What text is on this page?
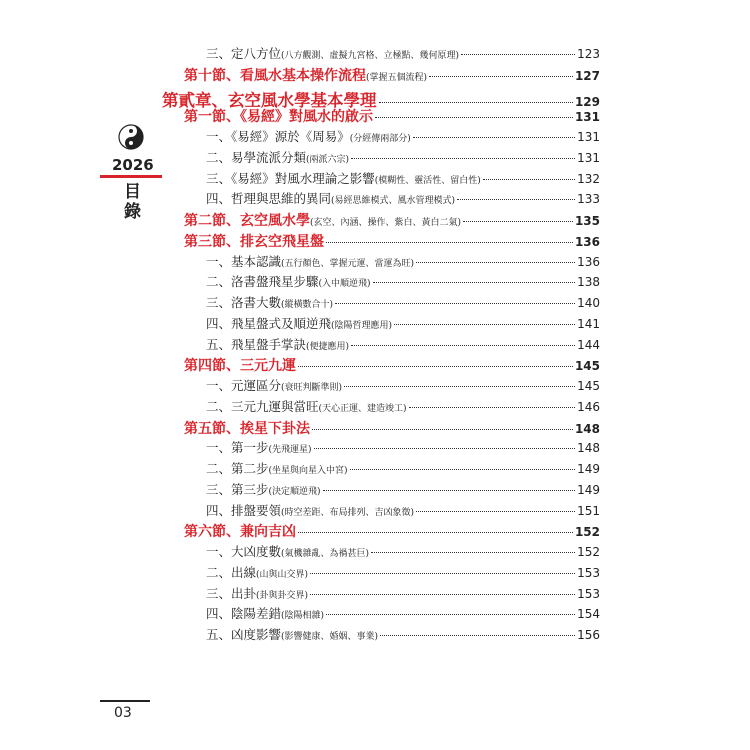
2026
目錄
三、定八方位 (八方觀測、虛擬九宮格、立極點、幾何原理)	123
第十節、看風水基本操作流程 (掌握五個流程)	127
第貳章、玄空風水學基本學理	129
第一節、《易經》對風水的啟示	131
一、《易經》源於《周易》 (分經傳兩部分)	131
二、易學流派分類 (兩派六宗)	131
三、《易經》對風水理論之影響 (模糊性、靈活性、留白性)	132
四、哲理與思維的異同 (易經思維模式、風水管理模式)	133
第二節、玄空風水學 (玄空、內涵、操作、紫白、黃白二氣)	135
第三節、排玄空飛星盤	136
一、基本認識 (五行顏色、掌握元運、當運為旺)	136
二、洛書盤飛星步驟 (入中順逆飛)	138
三、洛書大數 (縱橫數合十)	140
四、飛星盤式及順逆飛 (陰陽哲理應用)	141
五、飛星盤手掌訣 (便捷應用)	144
第四節、三元九運	145
一、元運區分 (衰旺判斷準則)	145
二、三元九運與當旺 (天心正運、建造竣工)	146
第五節、挨星下卦法	148
一、第一步 (先飛運星)	148
二、第二步 (坐星與向星入中宮)	149
三、第三步 (決定順逆飛)	149
四、排盤要領 (時空差距、布局排列、吉凶象徵)	151
第六節、兼向吉凶	152
一、大凶度數 (氣機雜亂、為禍甚巨)	152
二、出線 (山與山交界)	153
三、出卦 (卦與卦交界)	153
四、陰陽差錯 (陰陽相雜)	154
五、凶度影響 (影響健康、婚姻、事業)	156
03
